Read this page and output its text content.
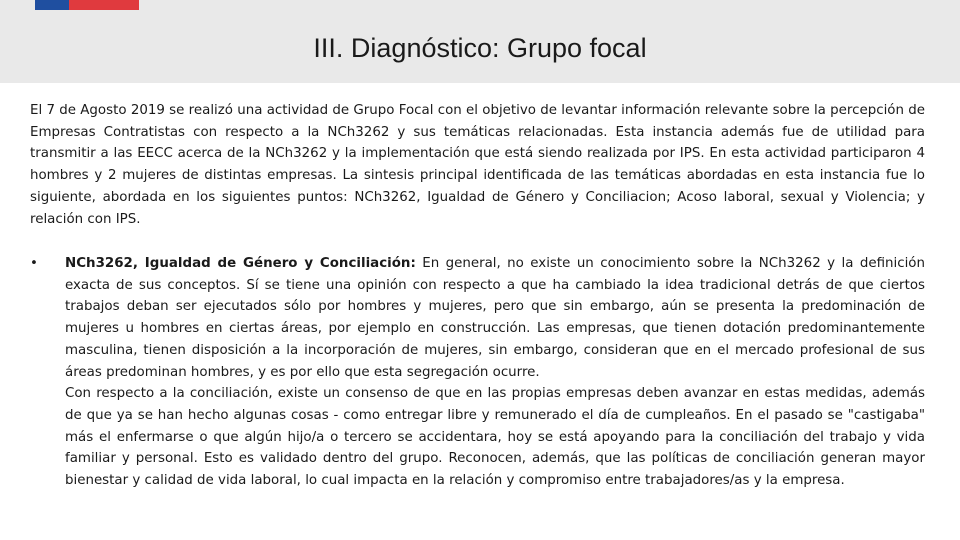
III. Diagnóstico: Grupo focal

El 7 de Agosto 2019 se realizó una actividad de Grupo Focal con el objetivo de levantar información relevante sobre la percepción de Empresas Contratistas con respecto a la NCh3262 y sus temáticas relacionadas. Esta instancia además fue de utilidad para transmitir a las EECC acerca de la NCh3262 y la implementación que está siendo realizada por IPS. En esta actividad participaron 4 hombres y 2 mujeres de distintas empresas. La sintesis principal identificada de las temáticas abordadas en esta instancia fue lo siguiente, abordada en los siguientes puntos: NCh3262, Igualdad de Género y Conciliacion; Acoso laboral, sexual y Violencia; y relación con IPS.

• NCh3262, Igualdad de Género y Conciliación: En general, no existe un conocimiento sobre la NCh3262 y la definición exacta de sus conceptos. Sí se tiene una opinión con respecto a que ha cambiado la idea tradicional detrás de que ciertos trabajos deban ser ejecutados sólo por hombres y mujeres, pero que sin embargo, aún se presenta la predominación de mujeres u hombres en ciertas áreas, por ejemplo en construcción. Las empresas, que tienen dotación predominantemente masculina, tienen disposición a la incorporación de mujeres, sin embargo, consideran que en el mercado profesional de sus áreas predominan hombres, y es por ello que esta segregación ocurre.

Con respecto a la conciliación, existe un consenso de que en las propias empresas deben avanzar en estas medidas, además de que ya se han hecho algunas cosas - como entregar libre y remunerado el día de cumpleaños. En el pasado se "castigaba" más el enfermarse o que algún hijo/a o tercero se accidentara, hoy se está apoyando para la conciliación del trabajo y vida familiar y personal. Esto es validado dentro del grupo. Reconocen, además, que las políticas de conciliación generan mayor bienestar y calidad de vida laboral, lo cual impacta en la relación y compromiso entre trabajadores/as y la empresa.
